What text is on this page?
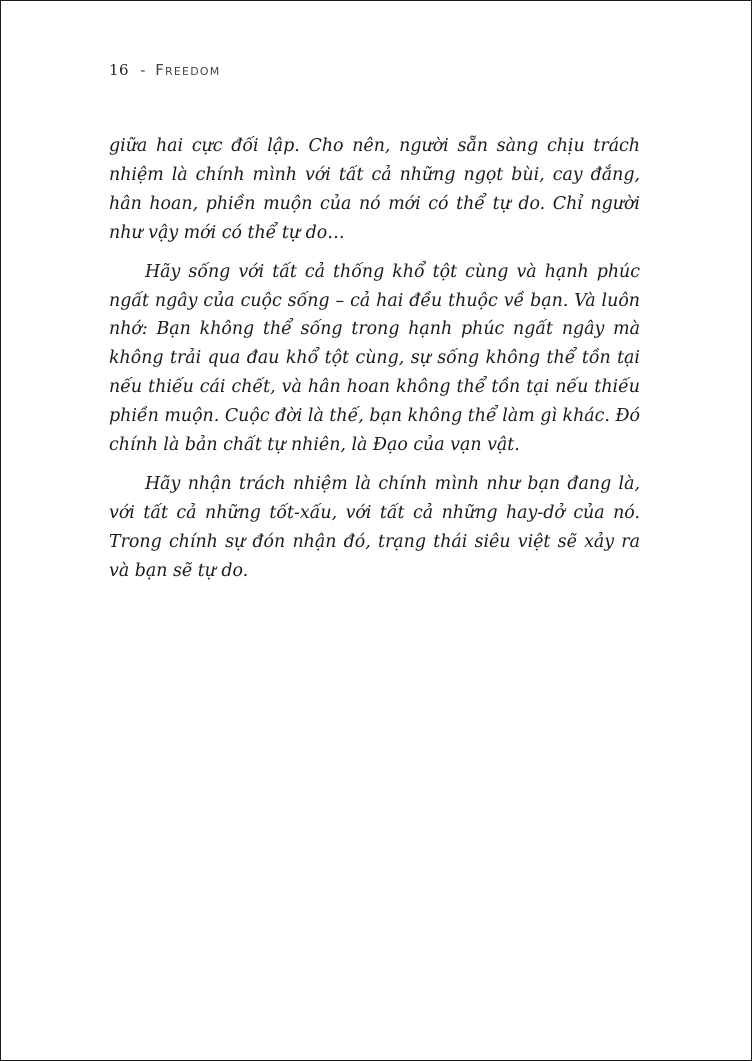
16 - Freedom

giữa hai cực đối lập. Cho nên, người sẵn sàng chịu trách nhiệm là chính mình với tất cả những ngọt bùi, cay đắng, hân hoan, phiền muộn của nó mới có thể tự do. Chỉ người như vậy mới có thể tự do…

Hãy sống với tất cả thống khổ tột cùng và hạnh phúc ngất ngây của cuộc sống – cả hai đều thuộc về bạn. Và luôn nhớ: Bạn không thể sống trong hạnh phúc ngất ngây mà không trải qua đau khổ tột cùng, sự sống không thể tồn tại nếu thiếu cái chết, và hân hoan không thể tồn tại nếu thiếu phiền muộn. Cuộc đời là thế, bạn không thể làm gì khác. Đó chính là bản chất tự nhiên, là Đạo của vạn vật.

Hãy nhận trách nhiệm là chính mình như bạn đang là, với tất cả những tốt-xấu, với tất cả những hay-dở của nó. Trong chính sự đón nhận đó, trạng thái siêu việt sẽ xảy ra và bạn sẽ tự do.
